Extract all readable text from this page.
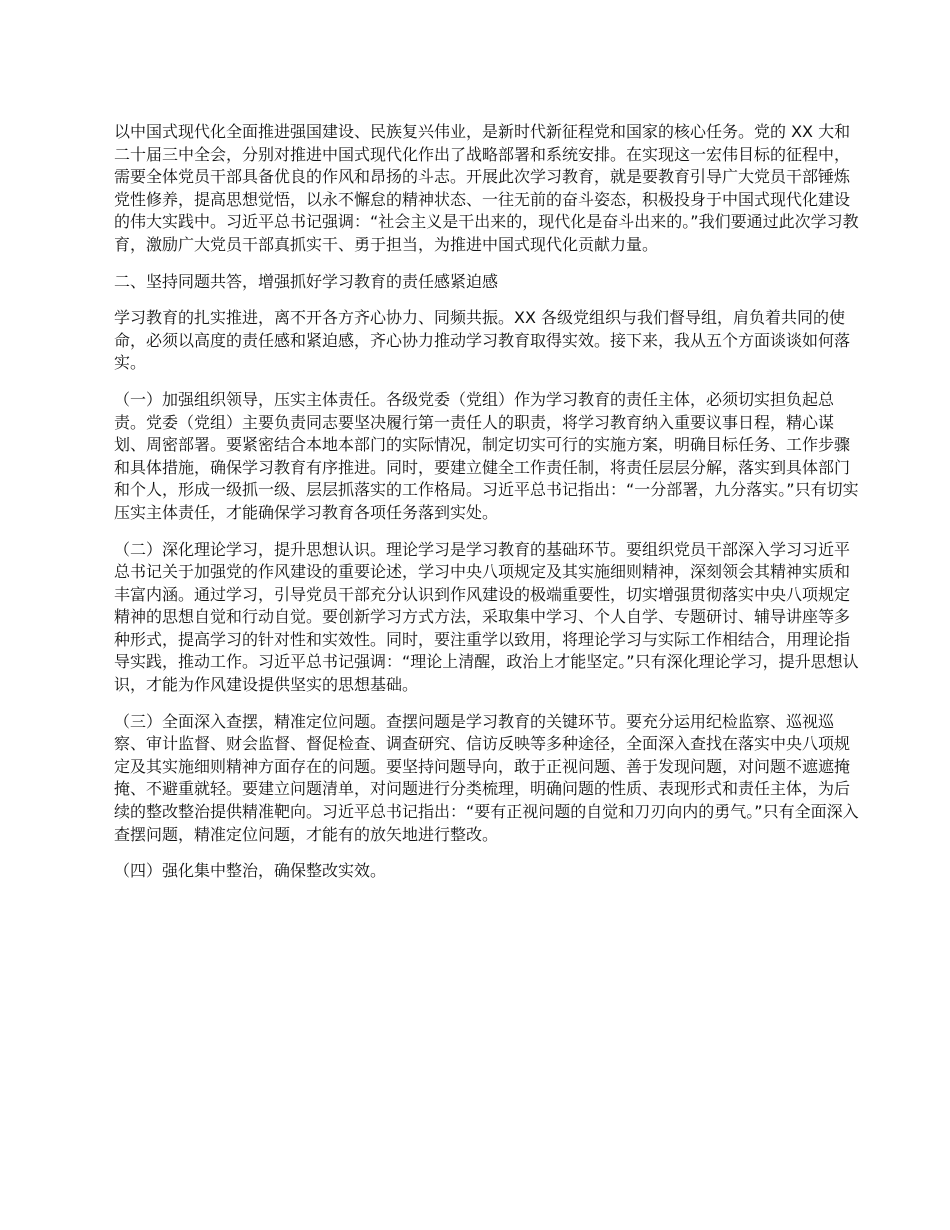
以中国式现代化全面推进强国建设、民族复兴伟业，是新时代新征程党和国家的核心任务。党的 XX 大和二十届三中全会，分别对推进中国式现代化作出了战略部署和系统安排。在实现这一宏伟目标的征程中，需要全体党员干部具备优良的作风和昂扬的斗志。开展此次学习教育，就是要教育引导广大党员干部锤炼党性修养，提高思想觉悟，以永不懈怠的精神状态、一往无前的奋斗姿态，积极投身于中国式现代化建设的伟大实践中。习近平总书记强调：“社会主义是干出来的，现代化是奋斗出来的。”我们要通过此次学习教育，激励广大党员干部真抓实干、勇于担当，为推进中国式现代化贡献力量。

二、坚持同题共答，增强抓好学习教育的责任感紧迫感

学习教育的扎实推进，离不开各方齐心协力、同频共振。XX 各级党组织与我们督导组，肩负着共同的使命，必须以高度的责任感和紧迫感，齐心协力推动学习教育取得实效。接下来，我从五个方面谈谈如何落实。

（一）加强组织领导，压实主体责任。各级党委（党组）作为学习教育的责任主体，必须切实担负起总责。党委（党组）主要负责同志要坚决履行第一责任人的职责，将学习教育纳入重要议事日程，精心谋划、周密部署。要紧密结合本地本部门的实际情况，制定切实可行的实施方案，明确目标任务、工作步骤和具体措施，确保学习教育有序推进。同时，要建立健全工作责任制，将责任层层分解，落实到具体部门和个人，形成一级抓一级、层层抓落实的工作格局。习近平总书记指出：“一分部署，九分落实。”只有切实压实主体责任，才能确保学习教育各项任务落到实处。

（二）深化理论学习，提升思想认识。理论学习是学习教育的基础环节。要组织党员干部深入学习习近平总书记关于加强党的作风建设的重要论述，学习中央八项规定及其实施细则精神，深刻领会其精神实质和丰富内涵。通过学习，引导党员干部充分认识到作风建设的极端重要性，切实增强贯彻落实中央八项规定精神的思想自觉和行动自觉。要创新学习方式方法，采取集中学习、个人自学、专题研讨、辅导讲座等多种形式，提高学习的针对性和实效性。同时，要注重学以致用，将理论学习与实际工作相结合，用理论指导实践，推动工作。习近平总书记强调：“理论上清醒，政治上才能坚定。”只有深化理论学习，提升思想认识，才能为作风建设提供坚实的思想基础。

（三）全面深入查摆，精准定位问题。查摆问题是学习教育的关键环节。要充分运用纪检监察、巡视巡察、审计监督、财会监督、督促检查、调查研究、信访反映等多种途径，全面深入查找在落实中央八项规定及其实施细则精神方面存在的问题。要坚持问题导向，敢于正视问题、善于发现问题，对问题不遮遮掩掩、不避重就轻。要建立问题清单，对问题进行分类梳理，明确问题的性质、表现形式和责任主体，为后续的整改整治提供精准靶向。习近平总书记指出：“要有正视问题的自觉和刀刃向内的勇气。”只有全面深入查摆问题，精准定位问题，才能有的放矢地进行整改。

（四）强化集中整治，确保整改实效。
